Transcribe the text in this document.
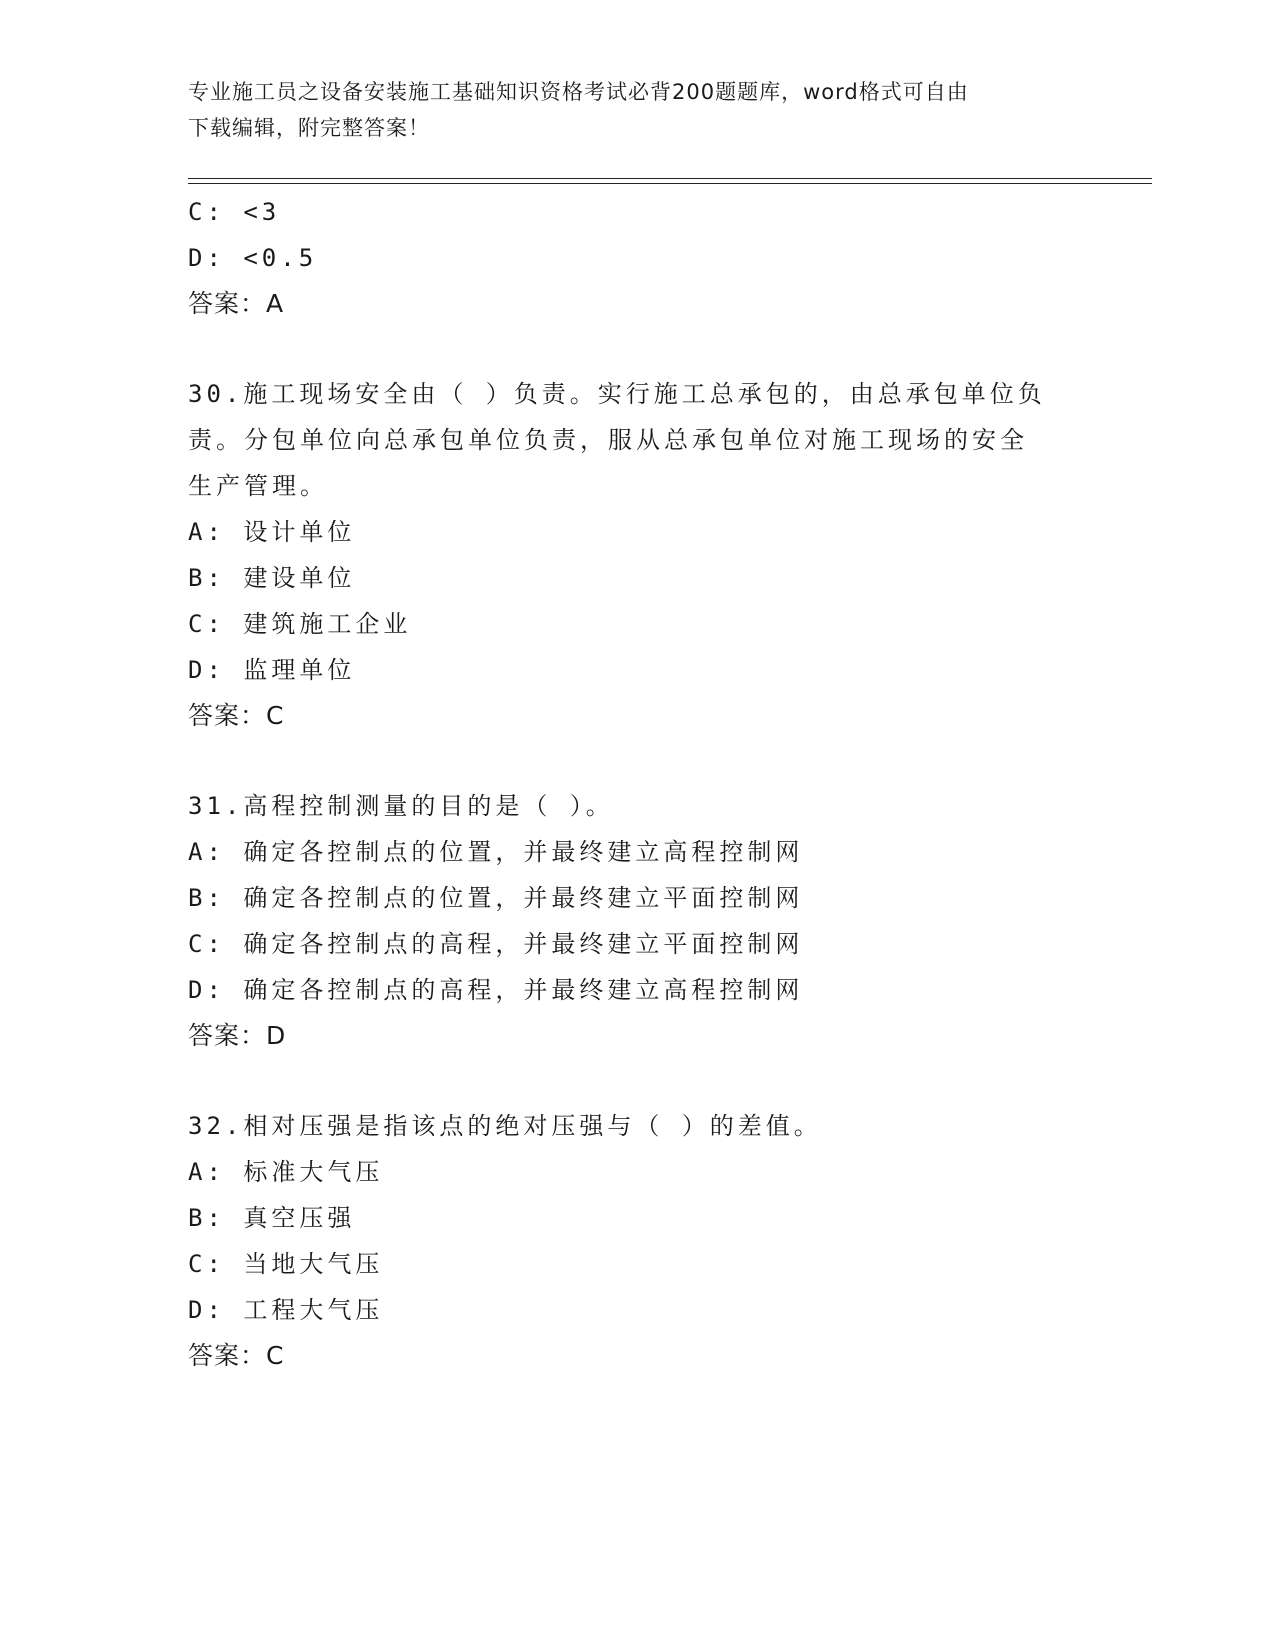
专业施工员之设备安装施工基础知识资格考试必背200题题库，word格式可自由
下载编辑，附完整答案！
C: <3
D: <0.5
答案：A
30.施工现场安全由（ ）负责。实行施工总承包的，由总承包单位负
责。分包单位向总承包单位负责，服从总承包单位对施工现场的安全
生产管理。
A: 设计单位
B: 建设单位
C: 建筑施工企业
D: 监理单位
答案：C
31.高程控制测量的目的是（ ）。
A: 确定各控制点的位置，并最终建立高程控制网
B: 确定各控制点的位置，并最终建立平面控制网
C: 确定各控制点的高程，并最终建立平面控制网
D: 确定各控制点的高程，并最终建立高程控制网
答案：D
32.相对压强是指该点的绝对压强与（ ）的差值。
A: 标准大气压
B: 真空压强
C: 当地大气压
D: 工程大气压
答案：C
